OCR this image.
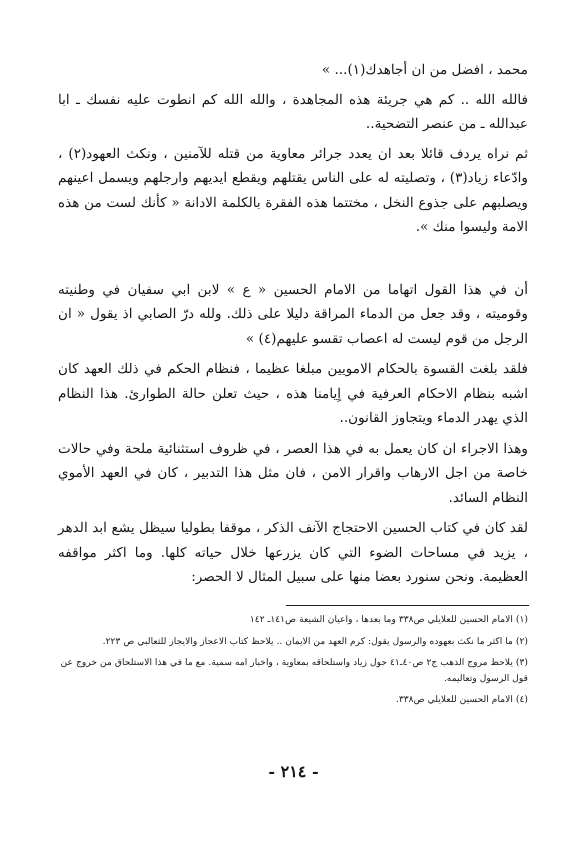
محمد ، افضل من ان أجاهدك(١)... »

فالله الله .. كم هي جريئة هذه المجاهدة ، والله الله كم انطوت عليه نفسك ـ ابا عبدالله ـ من عنصر التضحية..

ثم نراه يردف قائلا بعد ان يعدد جرائر معاوية من قتله للآمنين ، ونكث العهود(٢) ، وادّعاء زياد(٣) ، وتصليته له على الناس يقتلهم ويقطع ايديهم وارجلهم ويسمل اعينهم ويصلبهم على جذوع النخل ، مختتما هذه الفقرة بالكلمة الادانة « كأنك لست من هذه الامة وليسوا منك ».

أن في هذا القول اتهاما من الامام الحسين « ع » لابن ابي سفيان في وطنيته وقوميته ، وقد جعل من الدماء المراقة دليلا على ذلك. ولله درّ الصابي اذ يقول « ان الرجل من قوم ليست له اعصاب تقسو عليهم(٤) »

فلقد بلغت القسوة بالحكام الامويين مبلغا عظيما ، فنظام الحكم في ذلك العهد كان اشبه بنظام الاحكام العرفية في اٍيامنا هذه ، حيث تعلن حالة الطوارئ. هذا النظام الذي يهدر الدماء ويتجاوز القانون..

وهذا الاجراء ان كان يعمل به في هذا العصر ، في ظروف استثنائية ملحة وفي حالات خاصة من اجل الارهاب واقرار الامن ، فان مثل هذا التدبير ، كان في العهد الأموي النظام السائد.

لقد كان في كتاب الحسين الاحتجاج الآنف الذكر ، موقفا بطوليا سيظل يشع ابد الدهر ، يزيد في مساحات الضوء التي كان يزرعها خلال حياته كلها. وما اكثر مواقفه العظيمة. ونحن سنورد بعضا منها على سبيل المثال لا الحصر:

(١) الامام الحسين للعلايلي ص٣٣٨ وما بعدها ، واعيان الشيعة ص١٤١ـ ١٤٢

(٢) ما اكثر ما نكث بعهوده والرسول يقول: كرم العهد من الايمان .. يلاحظ كتاب الاعجاز والايجاز للثعالبي ص ٢٢٣.

(٣) يلاحظ مروج الذهب ج٢ ص٤٠ـ٤١ حول زياد واستلحاقه بمعاوية ، واخبار امه سمية. مع ما في هذا الاستلحاق من خروج عن قول الرسول وتعاليمه.

(٤) الامام الحسين للعلايلي ص٣٣٨.

- ٢١٤ -
